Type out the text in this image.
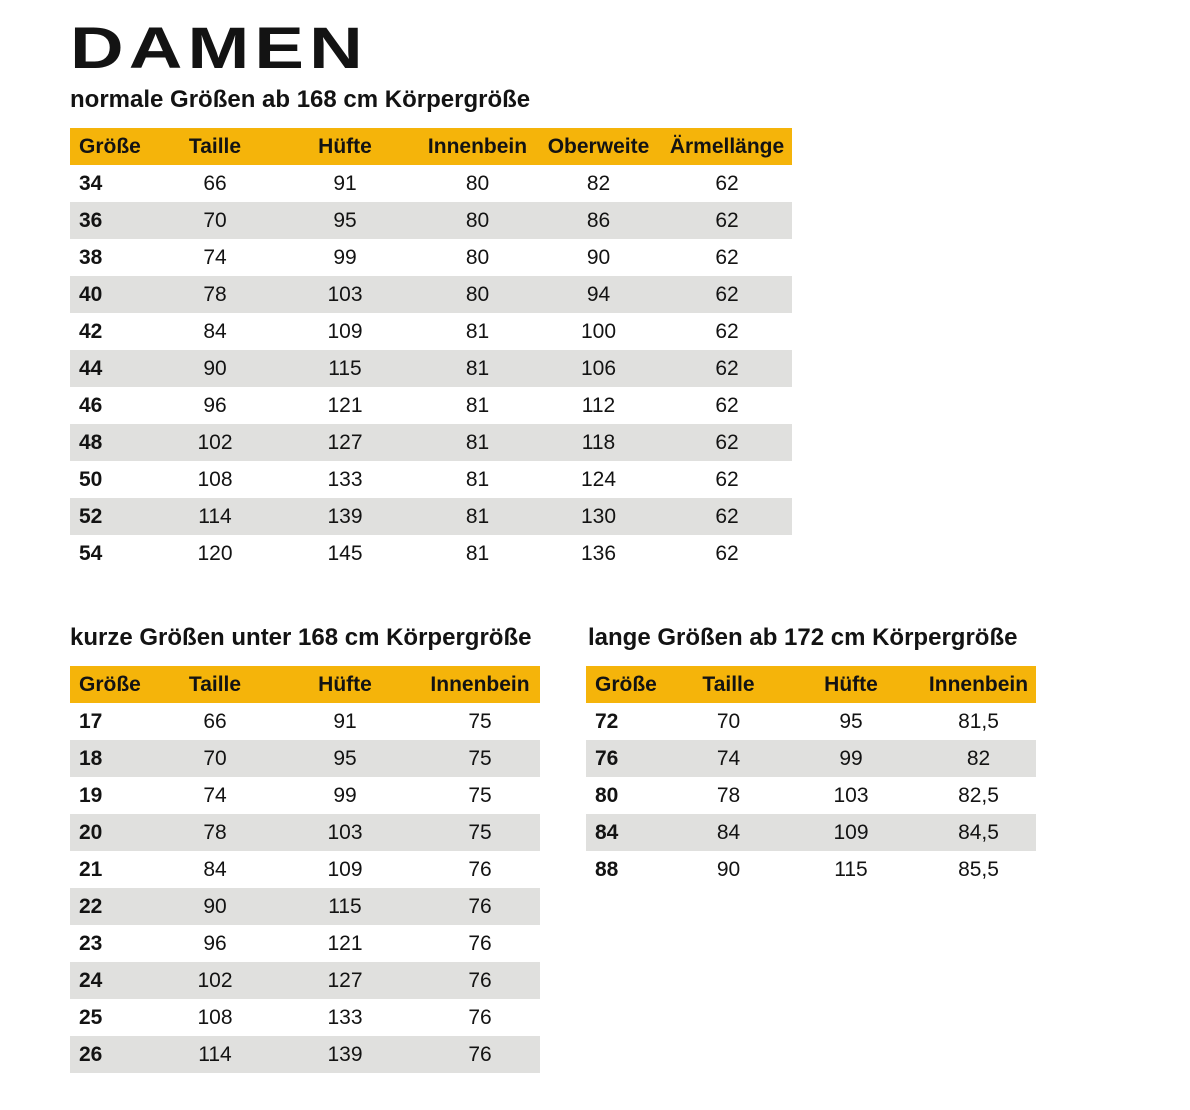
DAMEN

normale Größen ab 168 cm Körpergröße

Größe	Taille	Hüfte	Innenbein	Oberweite	Ärmellänge
34	66	91	80	82	62
36	70	95	80	86	62
38	74	99	80	90	62
40	78	103	80	94	62
42	84	109	81	100	62
44	90	115	81	106	62
46	96	121	81	112	62
48	102	127	81	118	62
50	108	133	81	124	62
52	114	139	81	130	62
54	120	145	81	136	62

kurze Größen unter 168 cm Körpergröße

Größe	Taille	Hüfte	Innenbein
17	66	91	75
18	70	95	75
19	74	99	75
20	78	103	75
21	84	109	76
22	90	115	76
23	96	121	76
24	102	127	76
25	108	133	76
26	114	139	76

lange Größen ab 172 cm Körpergröße

Größe	Taille	Hüfte	Innenbein
72	70	95	81,5
76	74	99	82
80	78	103	82,5
84	84	109	84,5
88	90	115	85,5
